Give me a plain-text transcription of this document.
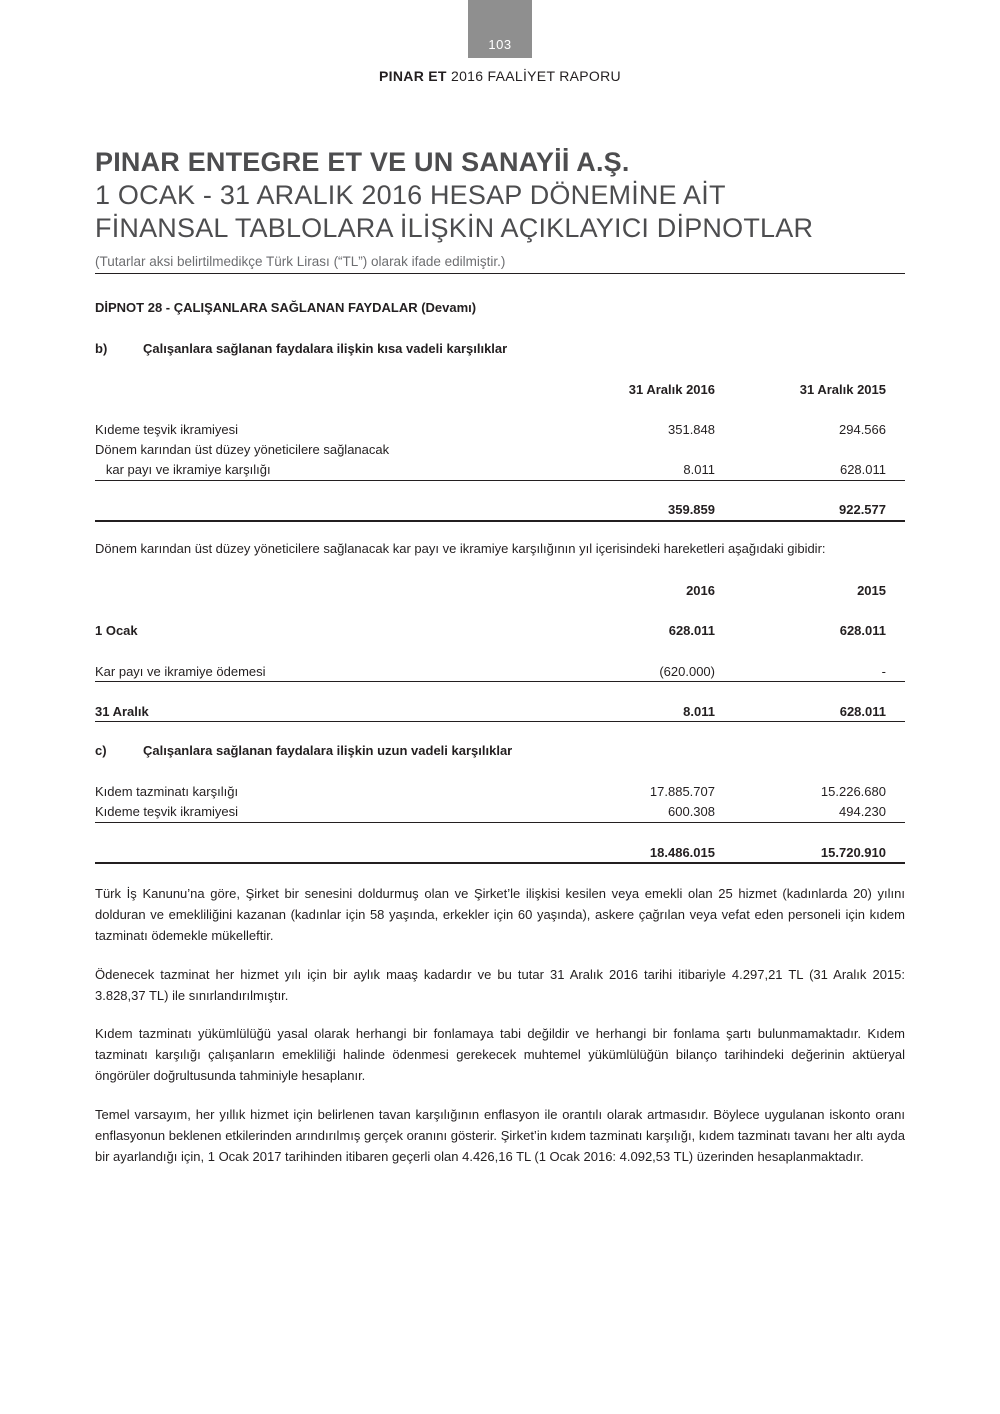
103
PINAR ET 2016 FAALİYET RAPORU
PINAR ENTEGRE ET VE UN SANAYİİ A.Ş.
1 OCAK - 31 ARALIK 2016 HESAP DÖNEMİNE AİT
FİNANSAL TABLOLARA İLİŞKİN AÇIKLAYICI DİPNOTLAR
(Tutarlar aksi belirtilmedikçe Türk Lirası (“TL”) olarak ifade edilmiştir.)
DİPNOT 28 - ÇALIŞANLARA SAĞLANAN FAYDALAR (Devamı)
b)	Çalışanlara sağlanan faydalara ilişkin kısa vadeli karşılıklar
31 Aralık 2016	31 Aralık 2015
Kıdeme teşvik ikramiyesi	351.848	294.566
Dönem karından üst düzey yöneticilere sağlanacak
kar payı ve ikramiye karşılığı	8.011	628.011
359.859	922.577
Dönem karından üst düzey yöneticilere sağlanacak kar payı ve ikramiye karşılığının yıl içerisindeki hareketleri aşağıdaki gibidir:
2016	2015
1 Ocak	628.011	628.011
Kar payı ve ikramiye ödemesi	(620.000)	-
31 Aralık	8.011	628.011
c)	Çalışanlara sağlanan faydalara ilişkin uzun vadeli karşılıklar
Kıdem tazminatı karşılığı	17.885.707	15.226.680
Kıdeme teşvik ikramiyesi	600.308	494.230
18.486.015	15.720.910
Türk İş Kanunu’na göre, Şirket bir senesini doldurmuş olan ve Şirket’le ilişkisi kesilen veya emekli olan 25 hizmet (kadınlarda 20) yılını dolduran ve emekliliğini kazanan (kadınlar için 58 yaşında, erkekler için 60 yaşında), askere çağrılan veya vefat eden personeli için kıdem tazminatı ödemekle mükelleftir.
Ödenecek tazminat her hizmet yılı için bir aylık maaş kadardır ve bu tutar 31 Aralık 2016 tarihi itibariyle 4.297,21 TL (31 Aralık 2015: 3.828,37 TL) ile sınırlandırılmıştır.
Kıdem tazminatı yükümlülüğü yasal olarak herhangi bir fonlamaya tabi değildir ve herhangi bir fonlama şartı bulunmamaktadır. Kıdem tazminatı karşılığı çalışanların emekliliği halinde ödenmesi gerekecek muhtemel yükümlülüğün bilanço tarihindeki değerinin aktüeryal öngörüler doğrultusunda tahminiyle hesaplanır.
Temel varsayım, her yıllık hizmet için belirlenen tavan karşılığının enflasyon ile orantılı olarak artmasıdır. Böylece uygulanan iskonto oranı enflasyonun beklenen etkilerinden arındırılmış gerçek oranını gösterir. Şirket’in kıdem tazminatı karşılığı, kıdem tazminatı tavanı her altı ayda bir ayarlandığı için, 1 Ocak 2017 tarihinden itibaren geçerli olan 4.426,16 TL (1 Ocak 2016: 4.092,53 TL) üzerinden hesaplanmaktadır.
